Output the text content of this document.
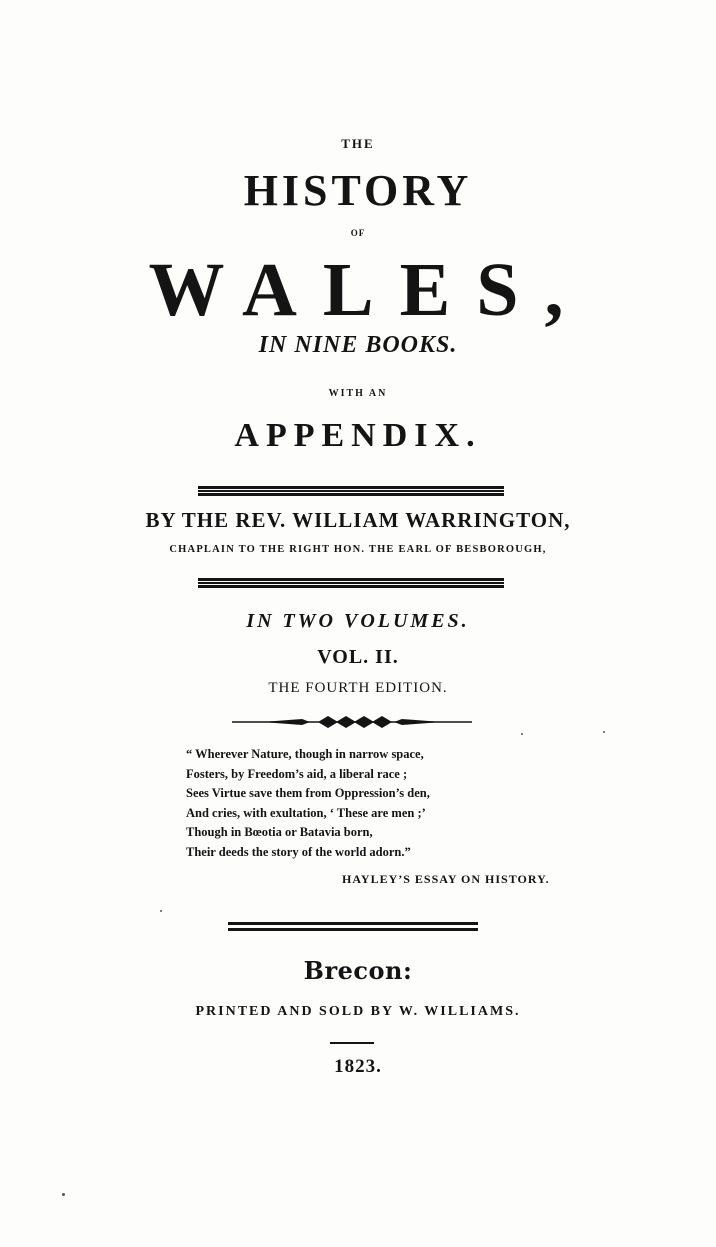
THE
HISTORY
OF
WALES,
IN NINE BOOKS.
WITH AN
APPENDIX.
BY THE REV. WILLIAM WARRINGTON,
CHAPLAIN TO THE RIGHT HON. THE EARL OF BESBOROUGH,
IN TWO VOLUMES.
VOL. II.
THE FOURTH EDITION.
“ Wherever Nature, though in narrow space,
Fosters, by Freedom’s aid, a liberal race ;
Sees Virtue save them from Oppression’s den,
And cries, with exultation, ‘ These are men ;’
Though in Bœotia or Batavia born,
Their deeds the story of the world adorn.”
HAYLEY’S ESSAY ON HISTORY.
Brecon:
PRINTED AND SOLD BY W. WILLIAMS.
1823.
